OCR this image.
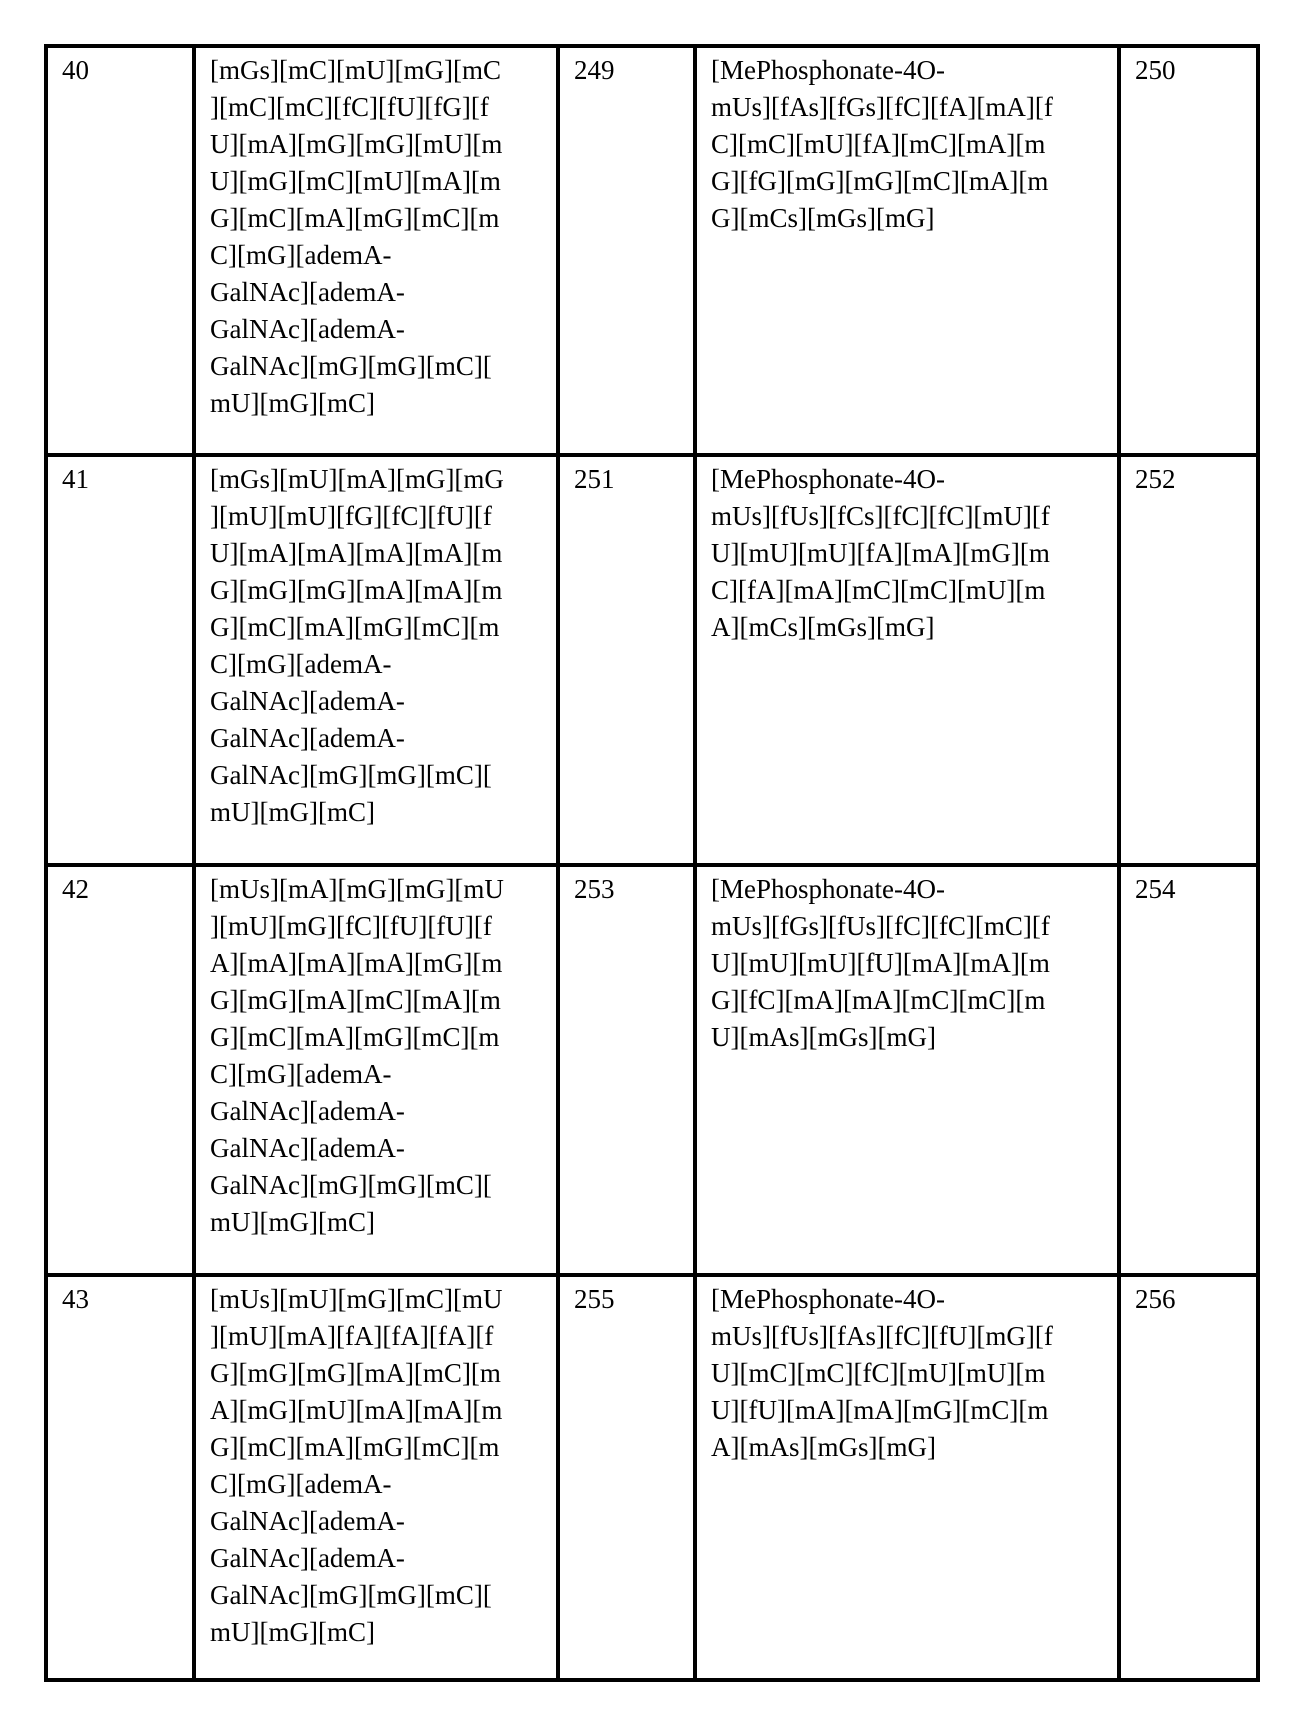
40	[mGs][mC][mU][mG][mC
][mC][mC][fC][fU][fG][f
U][mA][mG][mG][mU][m
U][mG][mC][mU][mA][m
G][mC][mA][mG][mC][m
C][mG][ademA-
GalNAc][ademA-
GalNAc][ademA-
GalNAc][mG][mG][mC][
mU][mG][mC]
	249	[MePhosphonate-4O-
mUs][fAs][fGs][fC][fA][mA][f
C][mC][mU][fA][mC][mA][m
G][fG][mG][mG][mC][mA][m
G][mCs][mGs][mG]
	250
41	[mGs][mU][mA][mG][mG
][mU][mU][fG][fC][fU][f
U][mA][mA][mA][mA][m
G][mG][mG][mA][mA][m
G][mC][mA][mG][mC][m
C][mG][ademA-
GalNAc][ademA-
GalNAc][ademA-
GalNAc][mG][mG][mC][
mU][mG][mC]
	251	[MePhosphonate-4O-
mUs][fUs][fCs][fC][fC][mU][f
U][mU][mU][fA][mA][mG][m
C][fA][mA][mC][mC][mU][m
A][mCs][mGs][mG]
	252
42	[mUs][mA][mG][mG][mU
][mU][mG][fC][fU][fU][f
A][mA][mA][mA][mG][m
G][mG][mA][mC][mA][m
G][mC][mA][mG][mC][m
C][mG][ademA-
GalNAc][ademA-
GalNAc][ademA-
GalNAc][mG][mG][mC][
mU][mG][mC]
	253	[MePhosphonate-4O-
mUs][fGs][fUs][fC][fC][mC][f
U][mU][mU][fU][mA][mA][m
G][fC][mA][mA][mC][mC][m
U][mAs][mGs][mG]
	254
43	[mUs][mU][mG][mC][mU
][mU][mA][fA][fA][fA][f
G][mG][mG][mA][mC][m
A][mG][mU][mA][mA][m
G][mC][mA][mG][mC][m
C][mG][ademA-
GalNAc][ademA-
GalNAc][ademA-
GalNAc][mG][mG][mC][
mU][mG][mC]
	255	[MePhosphonate-4O-
mUs][fUs][fAs][fC][fU][mG][f
U][mC][mC][fC][mU][mU][m
U][fU][mA][mA][mG][mC][m
A][mAs][mGs][mG]
	256
